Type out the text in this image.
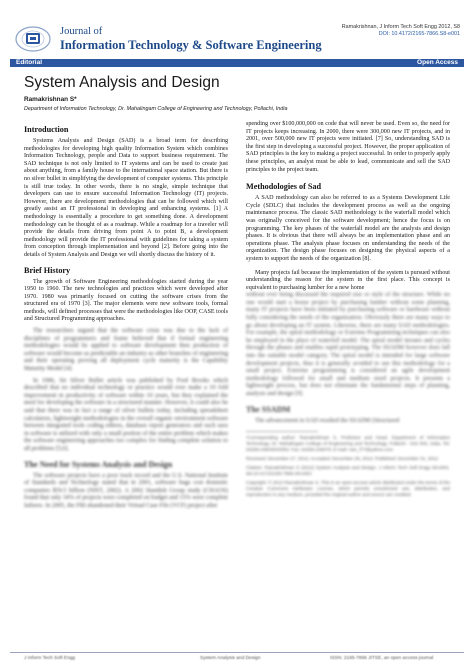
Journal of
Information Technology & Software Engineering
Ramakrishnan, J Inform Tech Soft Engg 2012, S8
DOI: 10.4172/2165-7866.S8-e001
Editorial	Open Access
System Analysis and Design
Ramakrishnan S*
Department of Information Technology, Dr. Mahalingam College of Engineering and Technology, Pollachi, India
Introduction

Systems Analysis and Design (SAD) is a broad term for describing methodologies for developing high quality Information System which combines Information Technology, people and Data to support business requirement. The SAD technique is not only limited to IT systems and can be used to create just about anything, from a family house to the international space station. But there is no silver bullet in simplifying the development of computer systems. This principle is still true today. In other words, there is no single, simple technique that developers can use to ensure successful Information Technology (IT) projects. However, there are development methodologies that can be followed which will greatly assist an IT professional in developing and enhancing systems. [1] A methodology is essentially a procedure to get something done. A development methodology can be thought of as a roadmap. While a roadmap for a traveler will provide the details from driving from point A to point B, a development methodology will provide the IT professional with guidelines for taking a system from conception through implementation and beyond [2]. Before going into the details of System Analysis and Design we will shortly discuss the history of it.

Brief History

The growth of Software Engineering methodologies started during the year 1950 to 1960. The new technologies and practices which were developed after 1970. 1980 was primarily focused on cutting the software crises from the structured era of 1970 [3]. The major elements were new software tools, formal methods, will defined processes that were the methodologies like OOP, CASE tools and Structured Programming approaches.

The researchers argued that the software crisis was due to the lack of disciplines of programmers and frame believed that if formal engineering methodologies would be applied to software development then production of software would become as predictable an industry as other branches of engineering and their operating proving all deployment cycle maturity is the Capability Maturity Model [4].

In 1986, Sir Silver Bullet article was published by Fred Brooks which described that no individual technology or practice would ever make a 10 fold improvement in productivity of software within 10 years, but they explained the need for developing the software in a structured manner. However, it could also be said that there was in fact a range of silver bullets today, including spreadsheet calculators, lightweight methodologies in the overall organic environment software between integrated tools coding editors, database report generators and such uses in software is utilized with only a small portion of the entire problem which makes the software engineering approaches too complex for finding complete solution to all problems [5,6].

The Need for Systems Analysis and Design

The software projects have a poor track record and the U.S. National Institute of Standards and Technology stated that in 2001, software bugs cost domestic companies $59.5 billion (NIST, 2002). A 2002 Standish Group study (CHAOS) found that only 34% of projects were completed on budget and 15% were complete failures. In 2005, the FBI abandoned their Virtual Case File (VCF) project after

spending over $100,000,000 on code that will never be used. Even so, the need for IT projects keeps increasing. In 2000, there were 300,000 new IT projects, and in 2001, over 500,000 new IT projects were initiated. [7] So, understanding SAD is the first step in developing a successful project. However, the proper application of SAD principles is the key to making a project successful. In order to properly apply these principles, an analyst must be able to lead, communicate and sell the SAD principles to the project team.

Methodologies of Sad

A SAD methodology can also be referred to as a Systems Development Life Cycle (SDLC) that includes the development process as well as the ongoing maintenance process. The classic SAD methodology is the waterfall model which was originally conceived for the software development; hence the focus is on programming. The key phases of the waterfall model are the analysis and design phases. It is obvious that there will always be an implementation phase and an operations phase. The analysis phase focuses on understanding the needs of the organization. The design phase focuses on designing the physical aspects of a system to support the needs of the organization [8].

Many projects fail because the implementation of the system is pursued without understanding the reason for the system in the first place. This concept is equivalent to purchasing lumber for a new home

without ever being discussed the required size or style of the structure. While no one would start a house project by purchasing lumber without some planning, many IT projects have been initiated by purchasing software or hardware without fully considering the needs of the organization. Obviously there are many ways to go about developing an IT system. Likewise, there are many SAD methodologies. For example, the spiral methodology or Extreme Programming techniques can also be employed in the place of waterfall model. The spiral model iterates and cycles through the phases and enables rapid prototyping. The SSADM however does fall into the suitable model category. The spiral model is intended for large software development projects, thus it is generally avoided to use this methodology for a small project. Extreme programming is considered an agile development methodology followed for small and medium sized projects. It presents a lightweight process, but does not eliminate the fundamental steps of planning, analysis and design [9].

The SSADM

The advancement in SAD resulted the SSADM (Structured

*Corresponding author: Ramakrishnan S, Professor and Head, Department of Information Technology, Dr. Mahalingam College of Engineering and Technology, Pollachi - 642 003, India, Tel: 04259-236030/40/50; Fax: 04259-236070; E-mail: ram_f77@yahoo.com

Received: December 27, 2012; Accepted: December 28, 2012; Published: December 31, 2012

Citation: Ramakrishnan S (2012) System Analysis and Design. J Inform Tech Soft Engg S8:e001. doi:10.4172/2165-7866.S8-e001

Copyright: © 2012 Ramakrishnan S. This is an open-access article distributed under the terms of the Creative Commons Attribution License, which permits unrestricted use, distribution, and reproduction in any medium, provided the original author and source are credited.

J Inform Tech Soft Engg	System Analysis and Design	ISSN: 2165-7866 JITSE, an open access journal
